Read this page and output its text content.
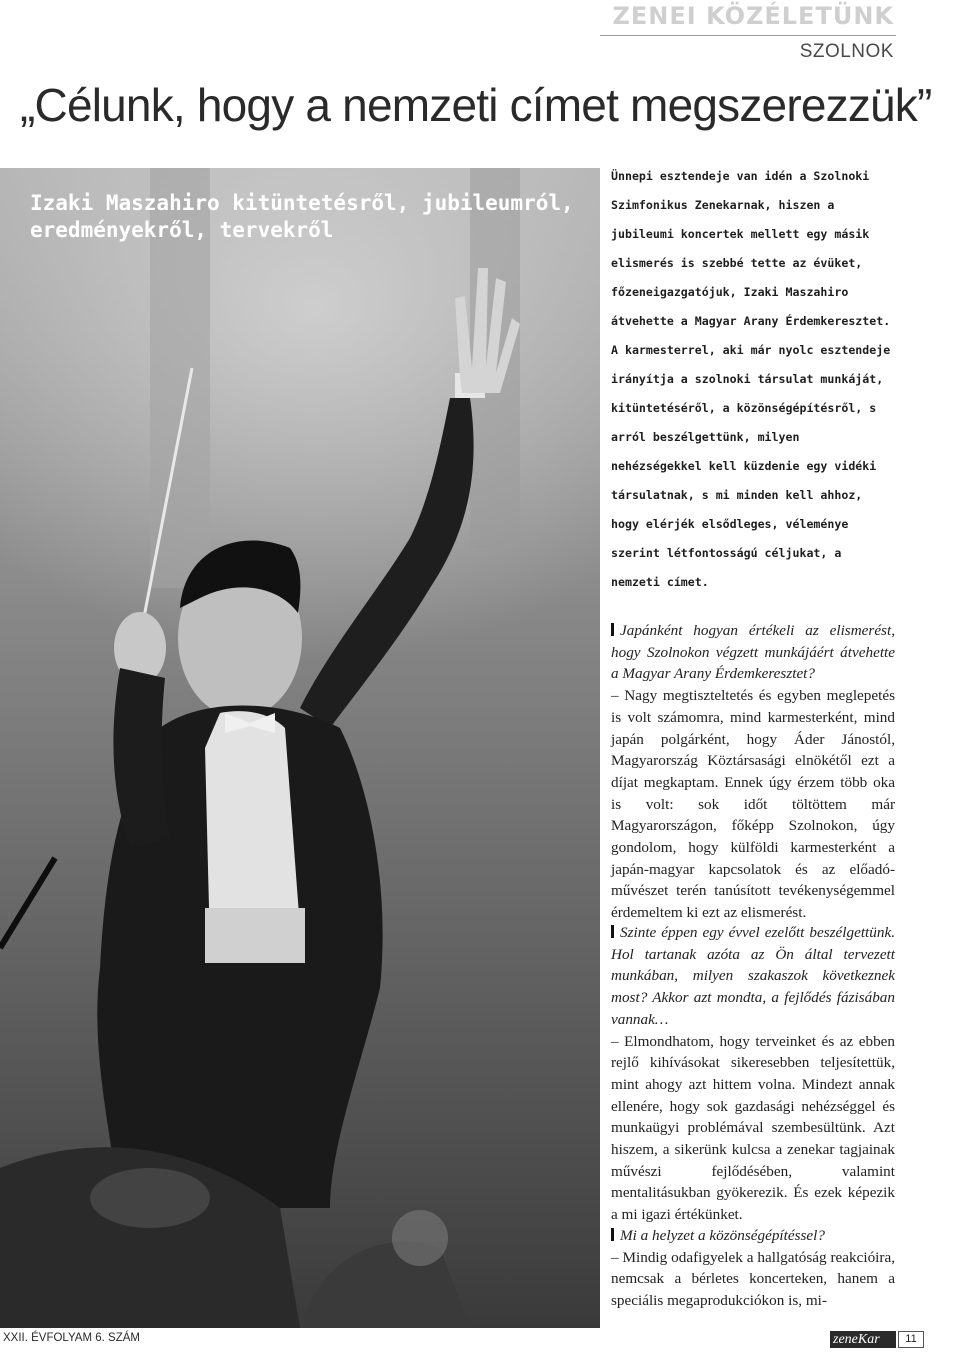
ZENEI KÖZÉLETÜNK
SZOLNOK
„Célunk, hogy a nemzeti címet megszerezzük”
Izaki Maszahiro kitüntetésről, jubileumról,
eredményekről, tervekről
Ünnepi esztendeje van idén a Szolnoki Szimfonikus Zenekarnak, hiszen a jubileumi koncertek mellett egy másik elismerés is szebbé tette az évüket, főzeneigazgatójuk, Izaki Maszahiro átvehette a Magyar Arany Érdemkeresztet. A karmesterrel, aki már nyolc esztendeje irányítja a szolnoki társulat munkáját, kitüntetéséről, a közönségépítésről, s arról beszélgettünk, milyen nehézségekkel kell küzdenie egy vidéki társulatnak, s mi minden kell ahhoz, hogy elérjék elsődleges, véleménye szerint létfontosságú céljukat, a nemzeti címet.
Japánként hogyan értékeli az elismerést, hogy Szolnokon végzett munkájáért átvehette a Magyar Arany Érdemkeresztet?
– Nagy megtiszteltetés és egyben meglepetés is volt számomra, mind karmesterként, mind japán polgárként, hogy Áder Jánostól, Magyarország Köztársasági elnökétől ezt a díjat megkaptam. Ennek úgy érzem több oka is volt: sok időt töltöttem már Magyarországon, főképp Szolnokon, úgy gondolom, hogy külföldi karmesterként a japán-magyar kapcsolatok és az előadó-művészet terén tanúsított tevékenységemmel érdemeltem ki ezt az elismerést.
Szinte éppen egy évvel ezelőtt beszélgettünk. Hol tartanak azóta az Ön által tervezett munkában, milyen szakaszok következnek most? Akkor azt mondta, a fejlődés fázisában vannak…
– Elmondhatom, hogy terveinket és az ebben rejlő kihívásokat sikeresebben teljesítettük, mint ahogy azt hittem volna. Mindezt annak ellenére, hogy sok gazdasági nehézséggel és munkaügyi problémával szembesültünk. Azt hiszem, a sikerünk kulcsa a zenekar tagjainak művészi fejlődésében, valamint mentalitásukban gyökerezik. És ezek képezik a mi igazi értékünket.
Mi a helyzet a közönségépítéssel?
– Mindig odafigyelek a hallgatóság reakcióira, nemcsak a bérletes koncerteken, hanem a speciális megaprodukciókon is, mi-
XXII. ÉVFOLYAM 6. SZÁM	zeneKar	11
